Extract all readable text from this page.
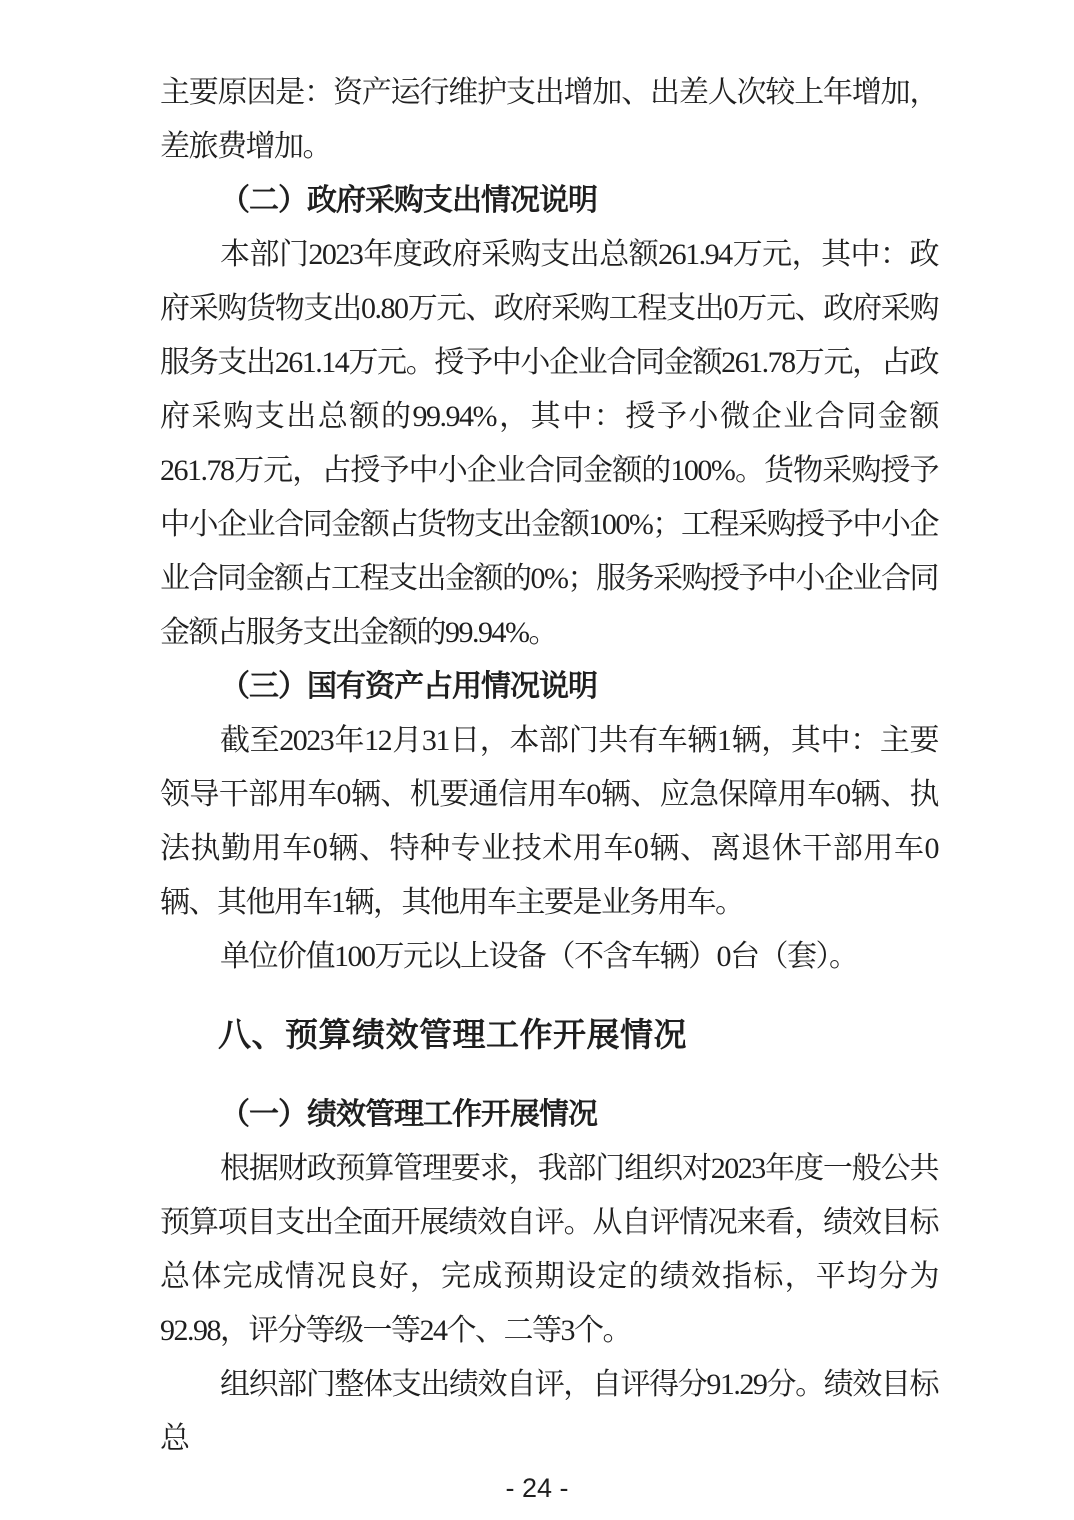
主要原因是：资产运行维护支出增加、出差人次较上年增加，差旅费增加。
（二）政府采购支出情况说明
本部门2023年度政府采购支出总额261.94万元，其中：政府采购货物支出0.80万元、政府采购工程支出0万元、政府采购服务支出261.14万元。授予中小企业合同金额261.78万元，占政府采购支出总额的99.94%，其中：授予小微企业合同金额261.78万元，占授予中小企业合同金额的100%。货物采购授予中小企业合同金额占货物支出金额100%；工程采购授予中小企业合同金额占工程支出金额的0%；服务采购授予中小企业合同金额占服务支出金额的99.94%。
（三）国有资产占用情况说明
截至2023年12月31日，本部门共有车辆1辆，其中：主要领导干部用车0辆、机要通信用车0辆、应急保障用车0辆、执法执勤用车0辆、特种专业技术用车0辆、离退休干部用车0辆、其他用车1辆，其他用车主要是业务用车。
单位价值100万元以上设备（不含车辆）0台（套）。
八、预算绩效管理工作开展情况
（一）绩效管理工作开展情况
根据财政预算管理要求，我部门组织对2023年度一般公共预算项目支出全面开展绩效自评。从自评情况来看，绩效目标总体完成情况良好，完成预期设定的绩效指标，平均分为92.98，评分等级一等24个、二等3个。
组织部门整体支出绩效自评，自评得分91.29分。绩效目标总
- 24 -
